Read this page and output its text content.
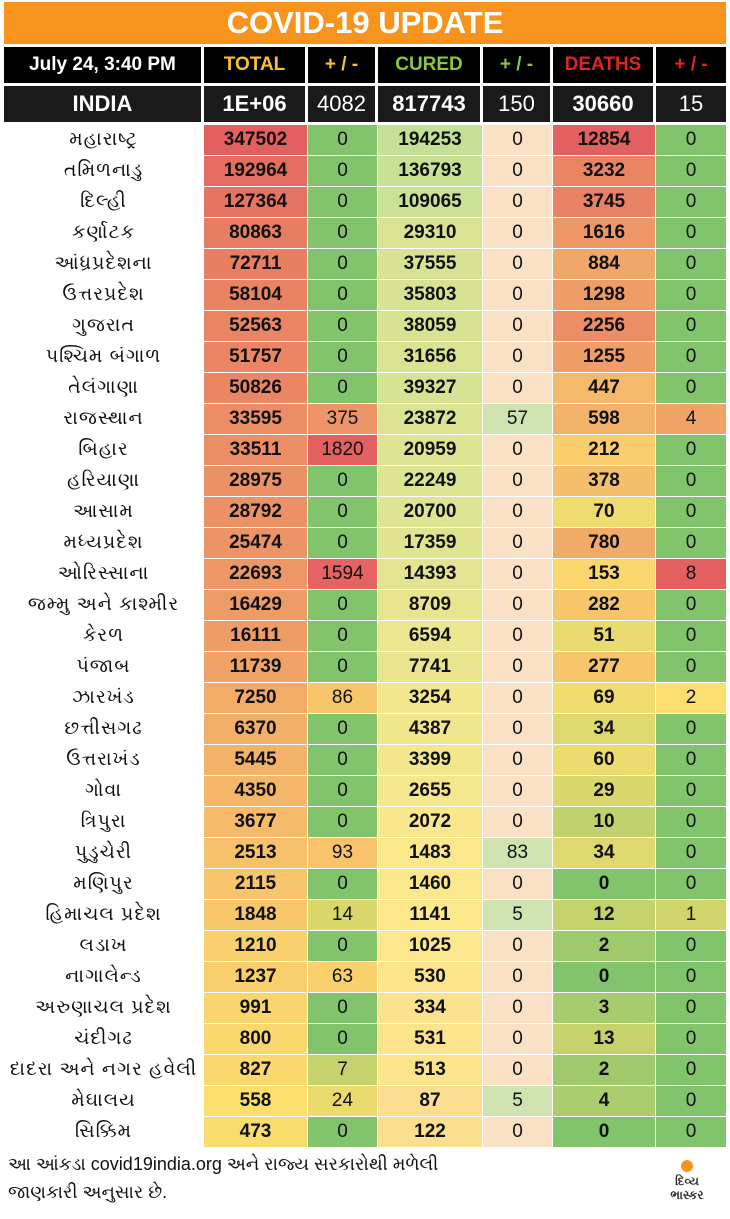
COVID-19 UPDATE
July 24, 3:40 PM	TOTAL	+ / -	CURED	+ / -	DEATHS	+ / -
INDIA	1E+06	4082	817743	150	30660	15
મહારાષ્ટ્ર	347502	0	194253	0	12854	0
તમિળનાડુ	192964	0	136793	0	3232	0
દિલ્હી	127364	0	109065	0	3745	0
કર્ણાટક	80863	0	29310	0	1616	0
આંધ્રપ્રદેશના	72711	0	37555	0	884	0
ઉત્તરપ્રદેશ	58104	0	35803	0	1298	0
ગુજરાત	52563	0	38059	0	2256	0
પશ્ચિમ બંગાળ	51757	0	31656	0	1255	0
તેલંગાણા	50826	0	39327	0	447	0
રાજસ્થાન	33595	375	23872	57	598	4
બિહાર	33511	1820	20959	0	212	0
હરિયાણા	28975	0	22249	0	378	0
આસામ	28792	0	20700	0	70	0
મધ્યપ્રદેશ	25474	0	17359	0	780	0
ઓરિસ્સાના	22693	1594	14393	0	153	8
જમ્મુ અને કાશ્મીર	16429	0	8709	0	282	0
કેરળ	16111	0	6594	0	51	0
પંજાબ	11739	0	7741	0	277	0
ઝારખંડ	7250	86	3254	0	69	2
છત્તીસગઢ	6370	0	4387	0	34	0
ઉત્તરાખંડ	5445	0	3399	0	60	0
ગોવા	4350	0	2655	0	29	0
ત્રિપુરા	3677	0	2072	0	10	0
પુડુચેરી	2513	93	1483	83	34	0
મણિપુર	2115	0	1460	0	0	0
હિમાચલ પ્રદેશ	1848	14	1141	5	12	1
લડાખ	1210	0	1025	0	2	0
નાગાલેન્ડ	1237	63	530	0	0	0
અરુણાચલ પ્રદેશ	991	0	334	0	3	0
ચંદીગઢ	800	0	531	0	13	0
દાદરા અને નગર હવેલી	827	7	513	0	2	0
મેઘાલય	558	24	87	5	4	0
સિક્કિમ	473	0	122	0	0	0
આ આંકડા covid19india.org અને રાજ્ય સરકારોથી મળેલી
જાણકારી અનુસાર છે.
દિવ્ય
ભાસ્કર
